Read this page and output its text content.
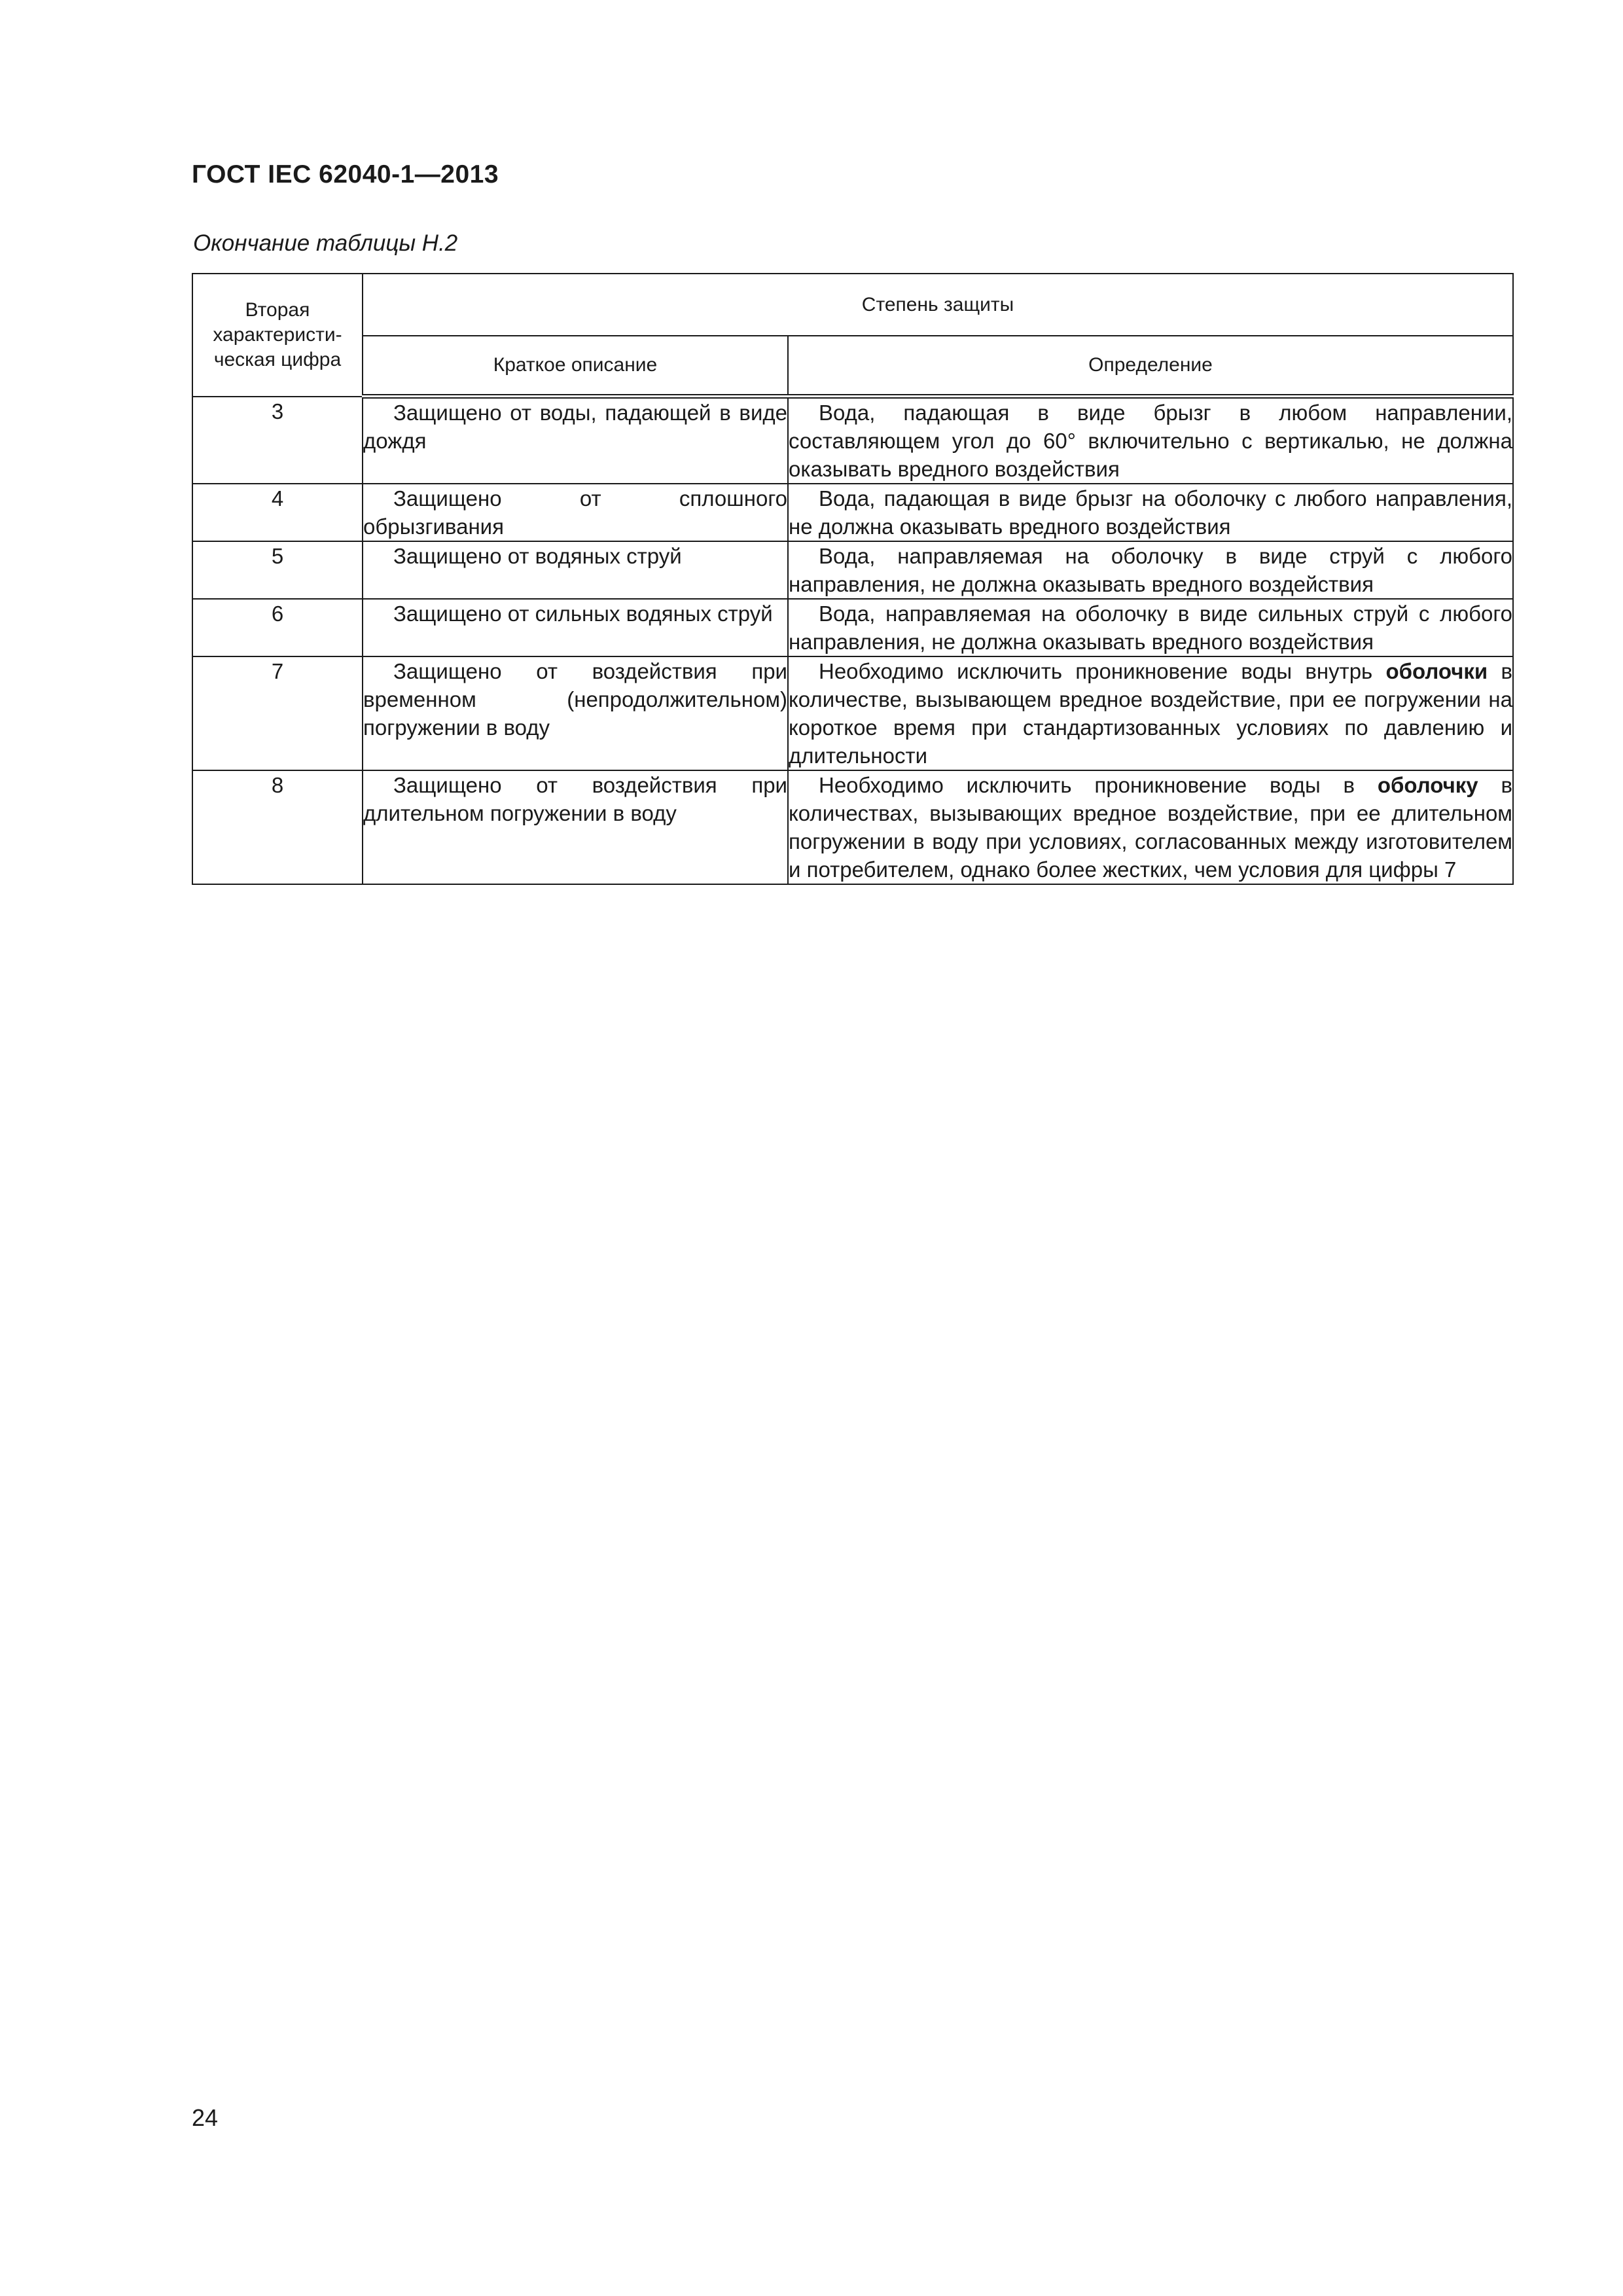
ГОСТ IEC 62040-1—2013
Окончание таблицы Н.2
Вторая
характеристи-
ческая цифра	Степень защиты	
	Краткое описание	Определение
3	Защищено от воды, падающей в виде дождя	Вода, падающая в виде брызг в любом направлении, составляющем угол до 60° включительно с вертикалью, не должна оказывать вредного воздействия
4	Защищено от сплошного обрызгивания	Вода, падающая в виде брызг на оболочку с любого направления, не должна оказывать вредного воздействия
5	Защищено от водяных струй	Вода, направляемая на оболочку в виде струй с любого направления, не должна оказывать вредного воздействия
6	Защищено от сильных водяных струй	Вода, направляемая на оболочку в виде сильных струй с любого направления, не должна оказывать вредного воздействия
7	Защищено от воздействия при временном (непродолжительном) погружении в воду	Необходимо исключить проникновение воды внутрь оболочки в количестве, вызывающем вредное воздействие, при ее погружении на короткое время при стандартизованных условиях по давлению и длительности
8	Защищено от воздействия при длительном погружении в воду	Необходимо исключить проникновение воды в оболочку в количествах, вызывающих вредное воздействие, при ее длительном погружении в воду при условиях, согласованных между изготовителем и потребителем, однако более жестких, чем условия для цифры 7
24
